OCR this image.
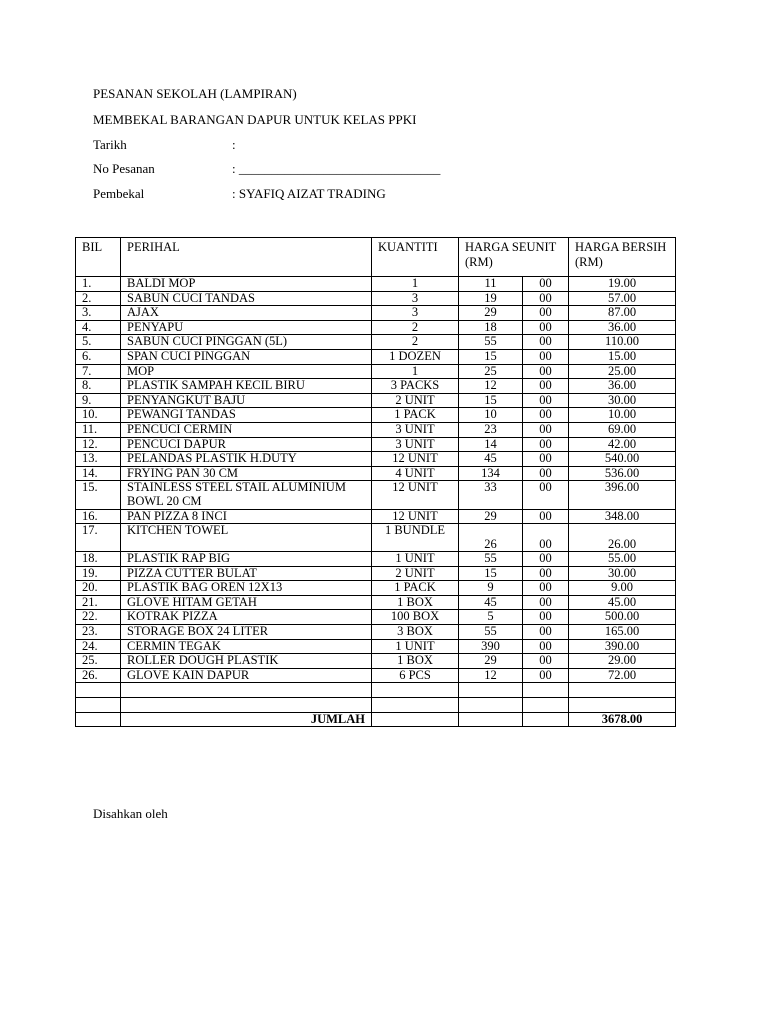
PESANAN SEKOLAH (LAMPIRAN)
MEMBEKAL BARANGAN DAPUR UNTUK KELAS PPKI
Tarikh	:
No Pesanan	: _______________________________
Pembekal	: SYAFIQ AIZAT TRADING
BIL	PERIHAL	KUANTITI	HARGA SEUNIT (RM)		HARGA BERSIH (RM)
1.	BALDI MOP	1	11	00	19.00
2.	SABUN CUCI TANDAS	3	19	00	57.00
3.	AJAX	3	29	00	87.00
4.	PENYAPU	2	18	00	36.00
5.	SABUN CUCI PINGGAN (5L)	2	55	00	110.00
6.	SPAN CUCI PINGGAN	1 DOZEN	15	00	15.00
7.	MOP	1	25	00	25.00
8.	PLASTIK SAMPAH KECIL BIRU	3 PACKS	12	00	36.00
9.	PENYANGKUT BAJU	2 UNIT	15	00	30.00
10.	PEWANGI TANDAS	1 PACK	10	00	10.00
11.	PENCUCI CERMIN	3 UNIT	23	00	69.00
12.	PENCUCI DAPUR	3 UNIT	14	00	42.00
13.	PELANDAS PLASTIK H.DUTY	12 UNIT	45	00	540.00
14.	FRYING PAN 30 CM	4 UNIT	134	00	536.00
15.	STAINLESS STEEL STAIL ALUMINIUM BOWL 20 CM	12 UNIT	33	00	396.00
16.	PAN PIZZA 8 INCI	12 UNIT	29	00	348.00
17.	KITCHEN TOWEL	1 BUNDLE	26	00	26.00
18.	PLASTIK RAP BIG	1 UNIT	55	00	55.00
19.	PIZZA CUTTER BULAT	2 UNIT	15	00	30.00
20.	PLASTIK BAG OREN 12X13	1 PACK	9	00	9.00
21.	GLOVE HITAM GETAH	1 BOX	45	00	45.00
22.	KOTRAK PIZZA	100 BOX	5	00	500.00
23.	STORAGE BOX 24 LITER	3 BOX	55	00	165.00
24.	CERMIN TEGAK	1 UNIT	390	00	390.00
25.	ROLLER DOUGH PLASTIK	1 BOX	29	00	29.00
26.	GLOVE KAIN DAPUR	6 PCS	12	00	72.00

	JUMLAH				3678.00
Disahkan oleh
